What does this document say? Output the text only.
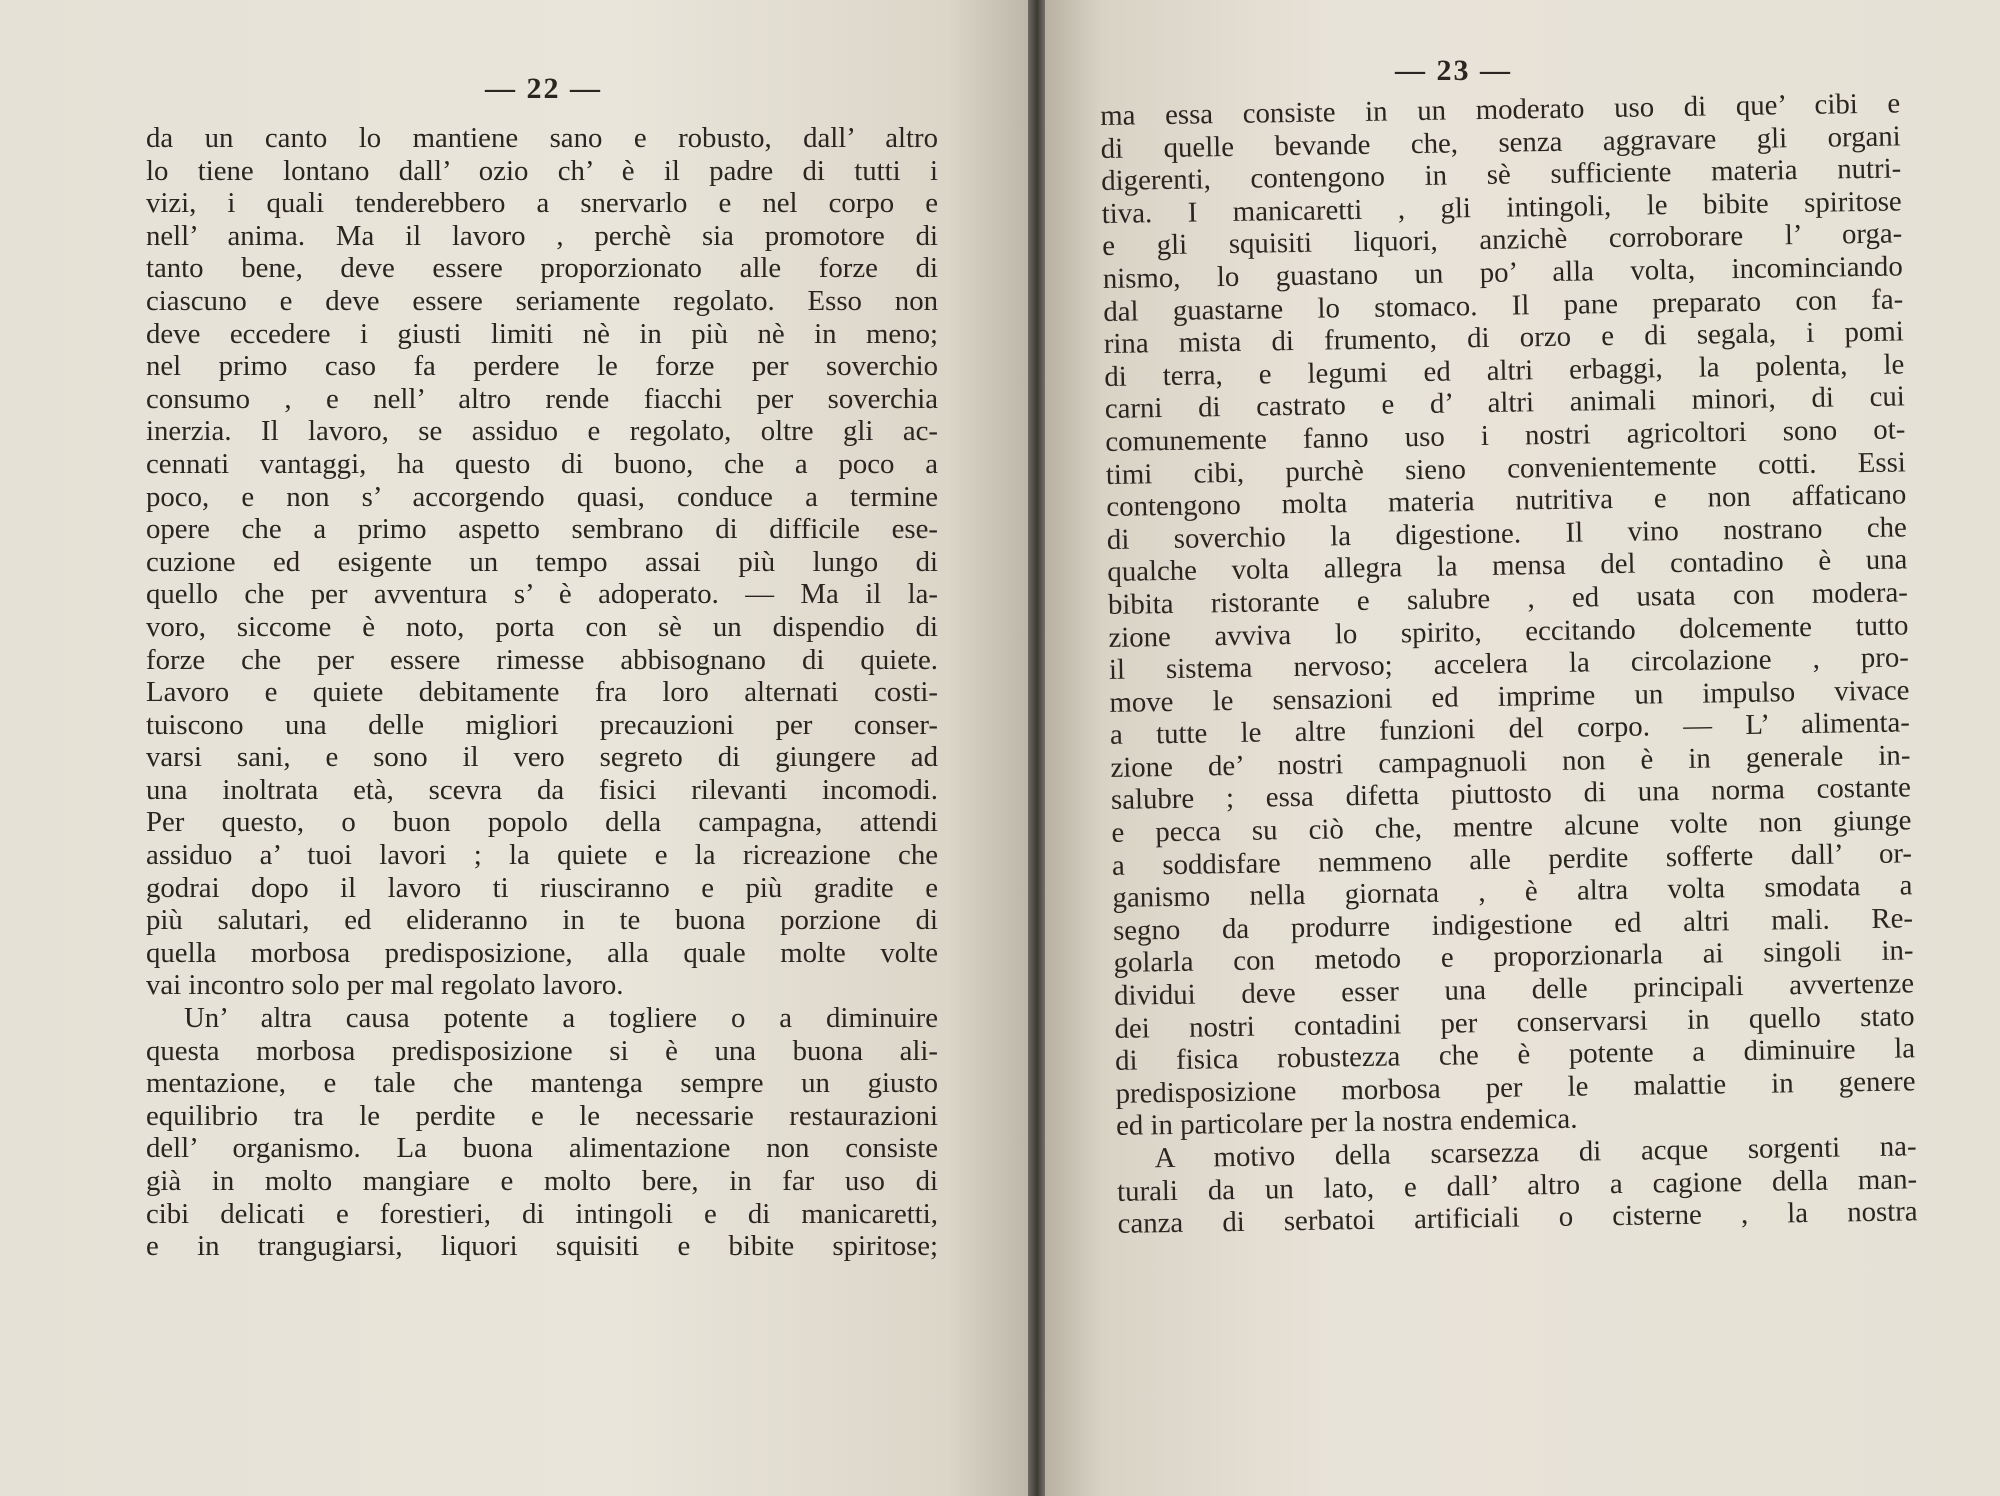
— 22 —
da un canto lo mantiene sano e robusto, dall’ altro
lo tiene lontano dall’ ozio ch’ è il padre di tutti i
vizi, i quali tenderebbero a snervarlo e nel corpo e
nell’ anima. Ma il lavoro , perchè sia promotore di
tanto bene, deve essere proporzionato alle forze di
ciascuno e deve essere seriamente regolato. Esso non
deve eccedere i giusti limiti nè in più nè in meno;
nel primo caso fa perdere le forze per soverchio
consumo , e nell’ altro rende fiacchi per soverchia
inerzia. Il lavoro, se assiduo e regolato, oltre gli ac-
cennati vantaggi, ha questo di buono, che a poco a
poco, e non s’ accorgendo quasi, conduce a termine
opere che a primo aspetto sembrano di difficile ese-
cuzione ed esigente un tempo assai più lungo di
quello che per avventura s’ è adoperato. — Ma il la-
voro, siccome è noto, porta con sè un dispendio di
forze che per essere rimesse abbisognano di quiete.
Lavoro e quiete debitamente fra loro alternati costi-
tuiscono una delle migliori precauzioni per conser-
varsi sani, e sono il vero segreto di giungere ad
una inoltrata età, scevra da fisici rilevanti incomodi.
Per questo, o buon popolo della campagna, attendi
assiduo a’ tuoi lavori ; la quiete e la ricreazione che
godrai dopo il lavoro ti riusciranno e più gradite e
più salutari, ed elideranno in te buona porzione di
quella morbosa predisposizione, alla quale molte volte
vai incontro solo per mal regolato lavoro.
Un’ altra causa potente a togliere o a diminuire
questa morbosa predisposizione si è una buona ali-
mentazione, e tale che mantenga sempre un giusto
equilibrio tra le perdite e le necessarie restaurazioni
dell’ organismo. La buona alimentazione non consiste
già in molto mangiare e molto bere, in far uso di
cibi delicati e forestieri, di intingoli e di manicaretti,
e in trangugiarsi, liquori squisiti e bibite spiritose;
— 23 —
ma essa consiste in un moderato uso di que’ cibi e
di quelle bevande che, senza aggravare gli organi
digerenti, contengono in sè sufficiente materia nutri-
tiva. I manicaretti , gli intingoli, le bibite spiritose
e gli squisiti liquori, anzichè corroborare l’ orga-
nismo, lo guastano un po’ alla volta, incominciando
dal guastarne lo stomaco. Il pane preparato con fa-
rina mista di frumento, di orzo e di segala, i pomi
di terra, e legumi ed altri erbaggi, la polenta, le
carni di castrato e d’ altri animali minori, di cui
comunemente fanno uso i nostri agricoltori sono ot-
timi cibi, purchè sieno convenientemente cotti. Essi
contengono molta materia nutritiva e non affaticano
di soverchio la digestione. Il vino nostrano che
qualche volta allegra la mensa del contadino è una
bibita ristorante e salubre , ed usata con modera-
zione avviva lo spirito, eccitando dolcemente tutto
il sistema nervoso; accelera la circolazione , pro-
move le sensazioni ed imprime un impulso vivace
a tutte le altre funzioni del corpo. — L’ alimenta-
zione de’ nostri campagnuoli non è in generale in-
salubre ; essa difetta piuttosto di una norma costante
e pecca su ciò che, mentre alcune volte non giunge
a soddisfare nemmeno alle perdite sofferte dall’ or-
ganismo nella giornata , è altra volta smodata a
segno da produrre indigestione ed altri mali. Re-
golarla con metodo e proporzionarla ai singoli in-
dividui deve esser una delle principali avvertenze
dei nostri contadini per conservarsi in quello stato
di fisica robustezza che è potente a diminuire la
predisposizione morbosa per le malattie in genere
ed in particolare per la nostra endemica.
A motivo della scarsezza di acque sorgenti na-
turali da un lato, e dall’ altro a cagione della man-
canza di serbatoi artificiali o cisterne , la nostra
